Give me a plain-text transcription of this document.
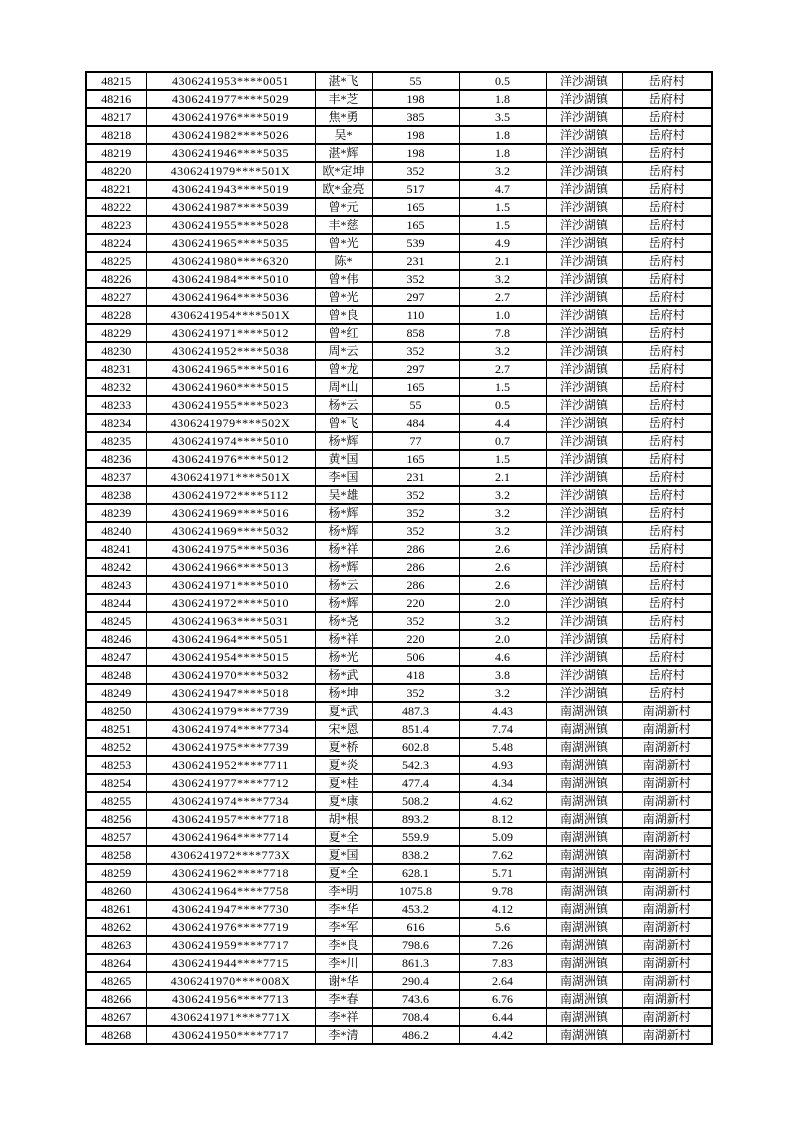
48215	4306241953****0051	湛*飞	55	0.5	洋沙湖镇	岳府村
48216	4306241977****5029	丰*芝	198	1.8	洋沙湖镇	岳府村
48217	4306241976****5019	焦*勇	385	3.5	洋沙湖镇	岳府村
48218	4306241982****5026	吴*	198	1.8	洋沙湖镇	岳府村
48219	4306241946****5035	湛*辉	198	1.8	洋沙湖镇	岳府村
48220	4306241979****501X	欧*定坤	352	3.2	洋沙湖镇	岳府村
48221	4306241943****5019	欧*金亮	517	4.7	洋沙湖镇	岳府村
48222	4306241987****5039	曾*元	165	1.5	洋沙湖镇	岳府村
48223	4306241955****5028	丰*慈	165	1.5	洋沙湖镇	岳府村
48224	4306241965****5035	曾*光	539	4.9	洋沙湖镇	岳府村
48225	4306241980****6320	陈*	231	2.1	洋沙湖镇	岳府村
48226	4306241984****5010	曾*伟	352	3.2	洋沙湖镇	岳府村
48227	4306241964****5036	曾*光	297	2.7	洋沙湖镇	岳府村
48228	4306241954****501X	曾*良	110	1.0	洋沙湖镇	岳府村
48229	4306241971****5012	曾*红	858	7.8	洋沙湖镇	岳府村
48230	4306241952****5038	周*云	352	3.2	洋沙湖镇	岳府村
48231	4306241965****5016	曾*龙	297	2.7	洋沙湖镇	岳府村
48232	4306241960****5015	周*山	165	1.5	洋沙湖镇	岳府村
48233	4306241955****5023	杨*云	55	0.5	洋沙湖镇	岳府村
48234	4306241979****502X	曾*飞	484	4.4	洋沙湖镇	岳府村
48235	4306241974****5010	杨*辉	77	0.7	洋沙湖镇	岳府村
48236	4306241976****5012	黄*国	165	1.5	洋沙湖镇	岳府村
48237	4306241971****501X	李*国	231	2.1	洋沙湖镇	岳府村
48238	4306241972****5112	吴*雄	352	3.2	洋沙湖镇	岳府村
48239	4306241969****5016	杨*辉	352	3.2	洋沙湖镇	岳府村
48240	4306241969****5032	杨*辉	352	3.2	洋沙湖镇	岳府村
48241	4306241975****5036	杨*祥	286	2.6	洋沙湖镇	岳府村
48242	4306241966****5013	杨*辉	286	2.6	洋沙湖镇	岳府村
48243	4306241971****5010	杨*云	286	2.6	洋沙湖镇	岳府村
48244	4306241972****5010	杨*辉	220	2.0	洋沙湖镇	岳府村
48245	4306241963****5031	杨*尧	352	3.2	洋沙湖镇	岳府村
48246	4306241964****5051	杨*祥	220	2.0	洋沙湖镇	岳府村
48247	4306241954****5015	杨*光	506	4.6	洋沙湖镇	岳府村
48248	4306241970****5032	杨*武	418	3.8	洋沙湖镇	岳府村
48249	4306241947****5018	杨*坤	352	3.2	洋沙湖镇	岳府村
48250	4306241979****7739	夏*武	487.3	4.43	南湖洲镇	南湖新村
48251	4306241974****7734	宋*恩	851.4	7.74	南湖洲镇	南湖新村
48252	4306241975****7739	夏*桥	602.8	5.48	南湖洲镇	南湖新村
48253	4306241952****7711	夏*炎	542.3	4.93	南湖洲镇	南湖新村
48254	4306241977****7712	夏*桂	477.4	4.34	南湖洲镇	南湖新村
48255	4306241974****7734	夏*康	508.2	4.62	南湖洲镇	南湖新村
48256	4306241957****7718	胡*根	893.2	8.12	南湖洲镇	南湖新村
48257	4306241964****7714	夏*全	559.9	5.09	南湖洲镇	南湖新村
48258	4306241972****773X	夏*国	838.2	7.62	南湖洲镇	南湖新村
48259	4306241962****7718	夏*全	628.1	5.71	南湖洲镇	南湖新村
48260	4306241964****7758	李*明	1075.8	9.78	南湖洲镇	南湖新村
48261	4306241947****7730	李*华	453.2	4.12	南湖洲镇	南湖新村
48262	4306241976****7719	李*军	616	5.6	南湖洲镇	南湖新村
48263	4306241959****7717	李*良	798.6	7.26	南湖洲镇	南湖新村
48264	4306241944****7715	李*川	861.3	7.83	南湖洲镇	南湖新村
48265	4306241970****008X	谢*华	290.4	2.64	南湖洲镇	南湖新村
48266	4306241956****7713	李*春	743.6	6.76	南湖洲镇	南湖新村
48267	4306241971****771X	李*祥	708.4	6.44	南湖洲镇	南湖新村
48268	4306241950****7717	李*清	486.2	4.42	南湖洲镇	南湖新村
